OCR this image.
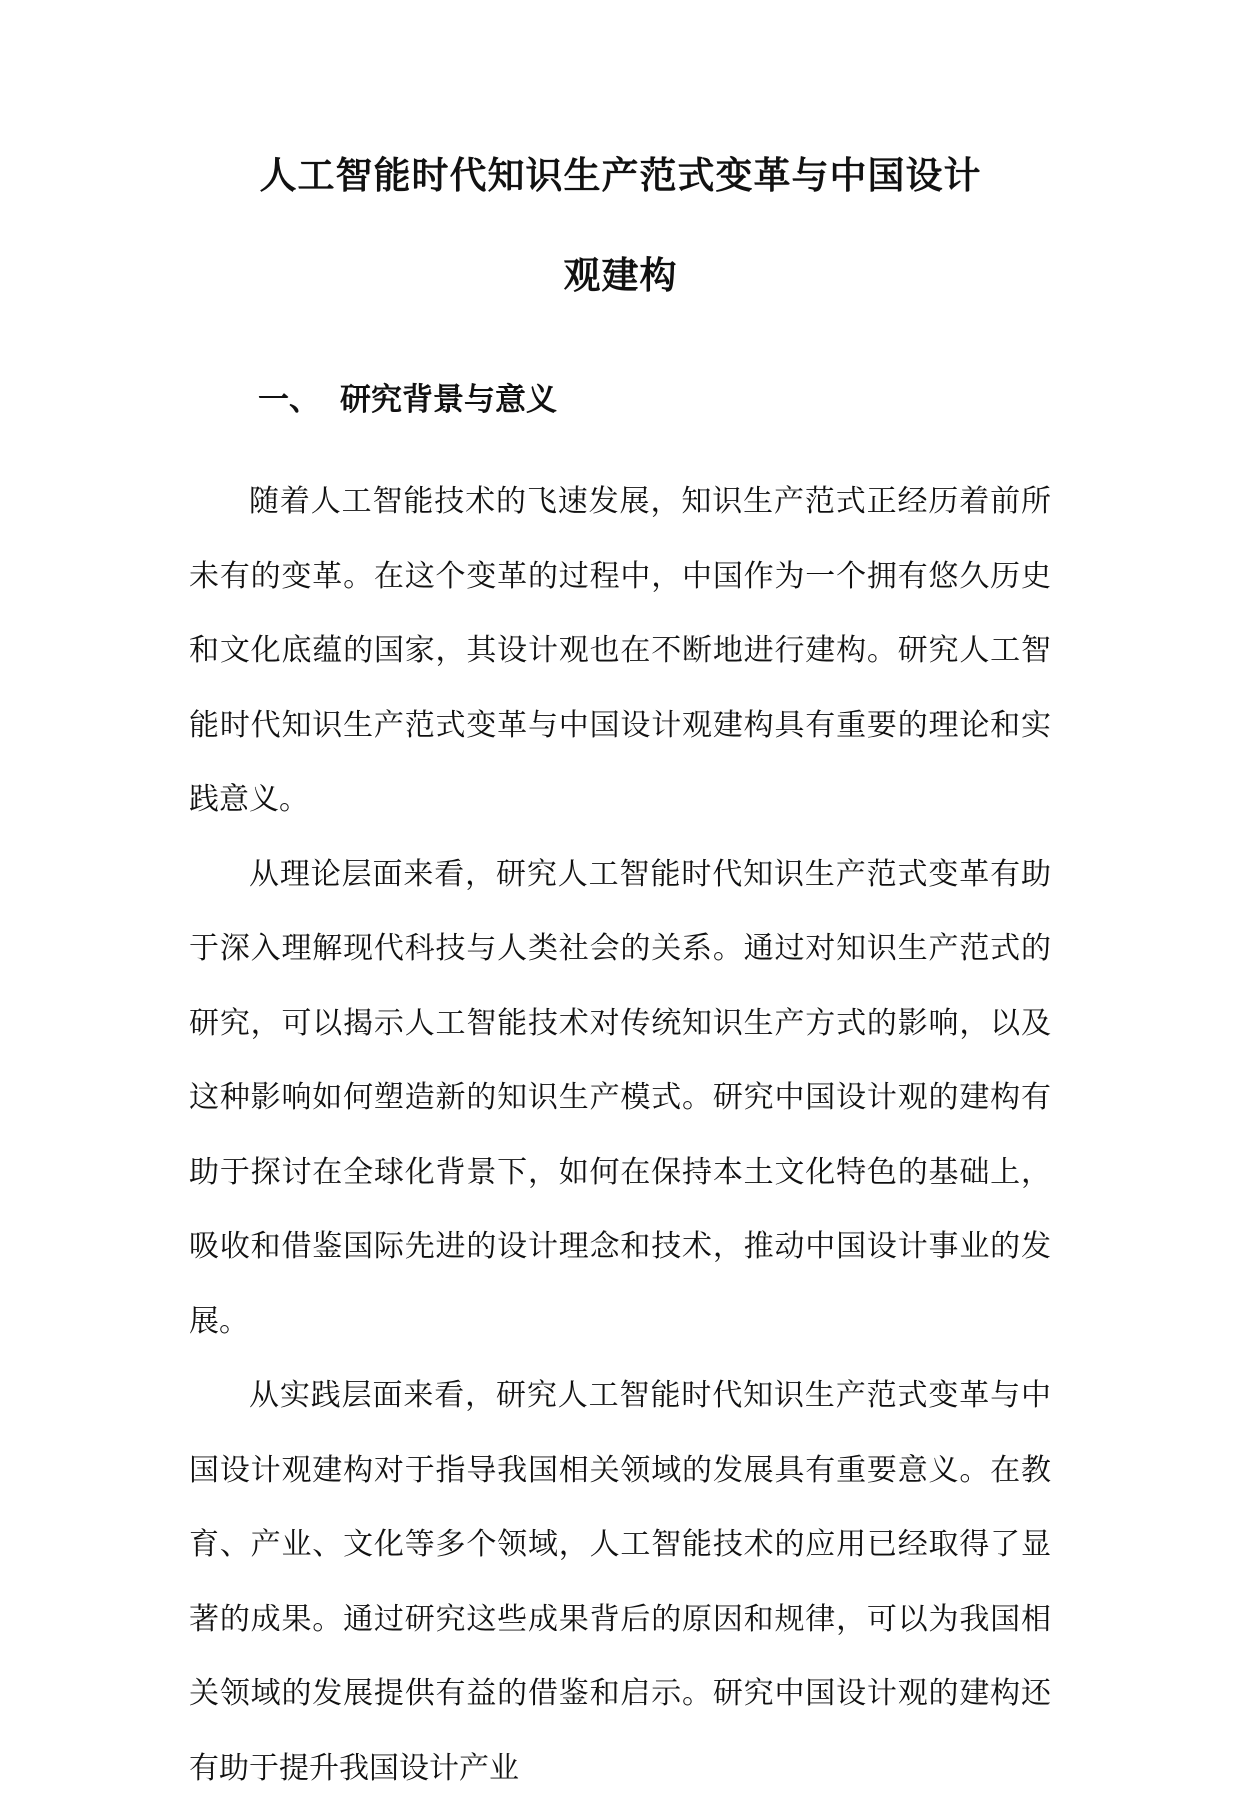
人工智能时代知识生产范式变革与中国设计
观建构
一、 研究背景与意义

随着人工智能技术的飞速发展，知识生产范式正经历着前所未有的变革。在这个变革的过程中，中国作为一个拥有悠久历史和文化底蕴的国家，其设计观也在不断地进行建构。研究人工智能时代知识生产范式变革与中国设计观建构具有重要的理论和实践意义。

从理论层面来看，研究人工智能时代知识生产范式变革有助于深入理解现代科技与人类社会的关系。通过对知识生产范式的研究，可以揭示人工智能技术对传统知识生产方式的影响，以及这种影响如何塑造新的知识生产模式。研究中国设计观的建构有助于探讨在全球化背景下，如何在保持本土文化特色的基础上，吸收和借鉴国际先进的设计理念和技术，推动中国设计事业的发展。

从实践层面来看，研究人工智能时代知识生产范式变革与中国设计观建构对于指导我国相关领域的发展具有重要意义。在教育、产业、文化等多个领域，人工智能技术的应用已经取得了显著的成果。通过研究这些成果背后的原因和规律，可以为我国相关领域的发展提供有益的借鉴和启示。研究中国设计观的建构还有助于提升我国设计产业
